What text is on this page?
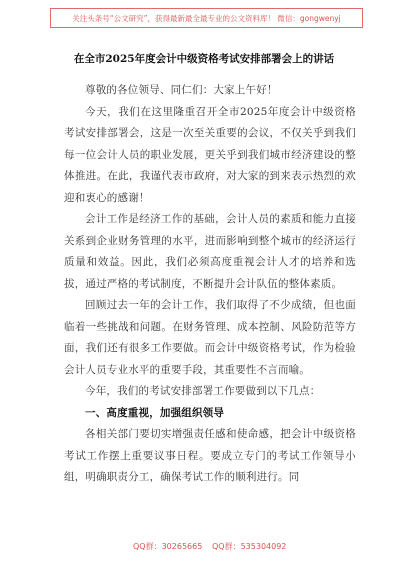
关注头条号“公文研究”，获得最新最全最专业的公文资料库！ 微信：gongwenyj
在全市2025年度会计中级资格考试安排部署会上的讲话

尊敬的各位领导、同仁们：大家上午好！

今天，我们在这里隆重召开全市2025年度会计中级资格考试安排部署会，这是一次至关重要的会议，不仅关乎到我们每一位会计人员的职业发展，更关乎到我们城市经济建设的整体推进。在此，我谨代表市政府，对大家的到来表示热烈的欢迎和衷心的感谢！

会计工作是经济工作的基础，会计人员的素质和能力直接关系到企业财务管理的水平，进而影响到整个城市的经济运行质量和效益。因此，我们必须高度重视会计人才的培养和选拔，通过严格的考试制度，不断提升会计队伍的整体素质。

回顾过去一年的会计工作，我们取得了不少成绩，但也面临着一些挑战和问题。在财务管理、成本控制、风险防范等方面，我们还有很多工作要做。而会计中级资格考试，作为检验会计人员专业水平的重要手段，其重要性不言而喻。

今年，我们的考试安排部署工作要做到以下几点：

一、高度重视，加强组织领导

各相关部门要切实增强责任感和使命感，把会计中级资格考试工作摆上重要议事日程。要成立专门的考试工作领导小组，明确职责分工，确保考试工作的顺利进行。同

QQ群：30265665 QQ群：535304092
